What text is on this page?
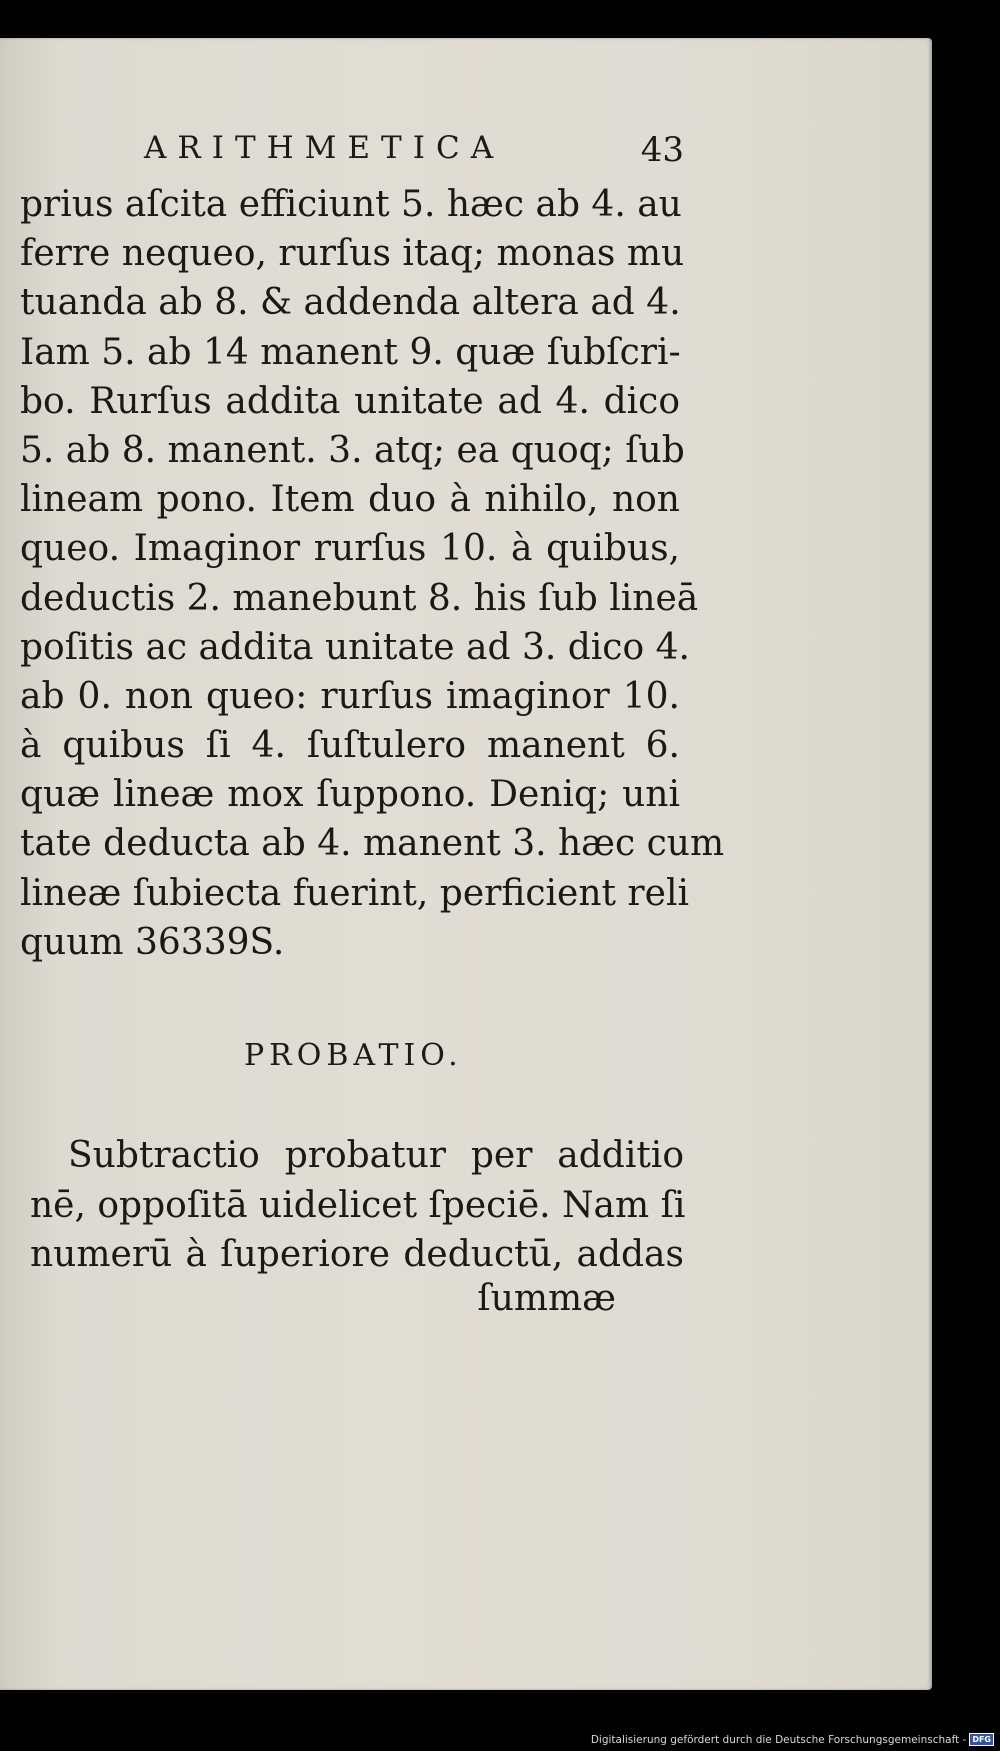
ARITHMETICA	43
prius aſcita efficiunt 5. hæc ab 4. au
ferre nequeo, rurſus itaq; monas mu
tuanda ab 8. & addenda altera ad 4.
Iam 5. ab 14 manent 9. quæ ſubſcri-
bo. Rurſus addita unitate ad 4. dico
5. ab 8. manent. 3. atq; ea quoq; ſub
lineam pono. Item duo à nihilo, non
queo. Imaginor rurſus 10. à quibus,
deductis 2. manebunt 8. his ſub lineā
poſitis ac addita unitate ad 3. dico 4.
ab 0. non queo: rurſus imaginor 10.
à quibus ſi 4. ſuſtulero manent 6.
quæ lineæ mox ſuppono. Deniq; uni
tate deducta ab 4. manent 3. hæc cum
lineæ ſubiecta fuerint, perficient reli
quum 36339S.
PROBATIO.
Subtractio probatur per additio
nē, oppoſitā uidelicet ſpeciē. Nam ſi
numerū à ſuperiore deductū, addas
ſummæ
Digitalisierung gefördert durch die Deutsche Forschungsgemeinschaft - DFG
